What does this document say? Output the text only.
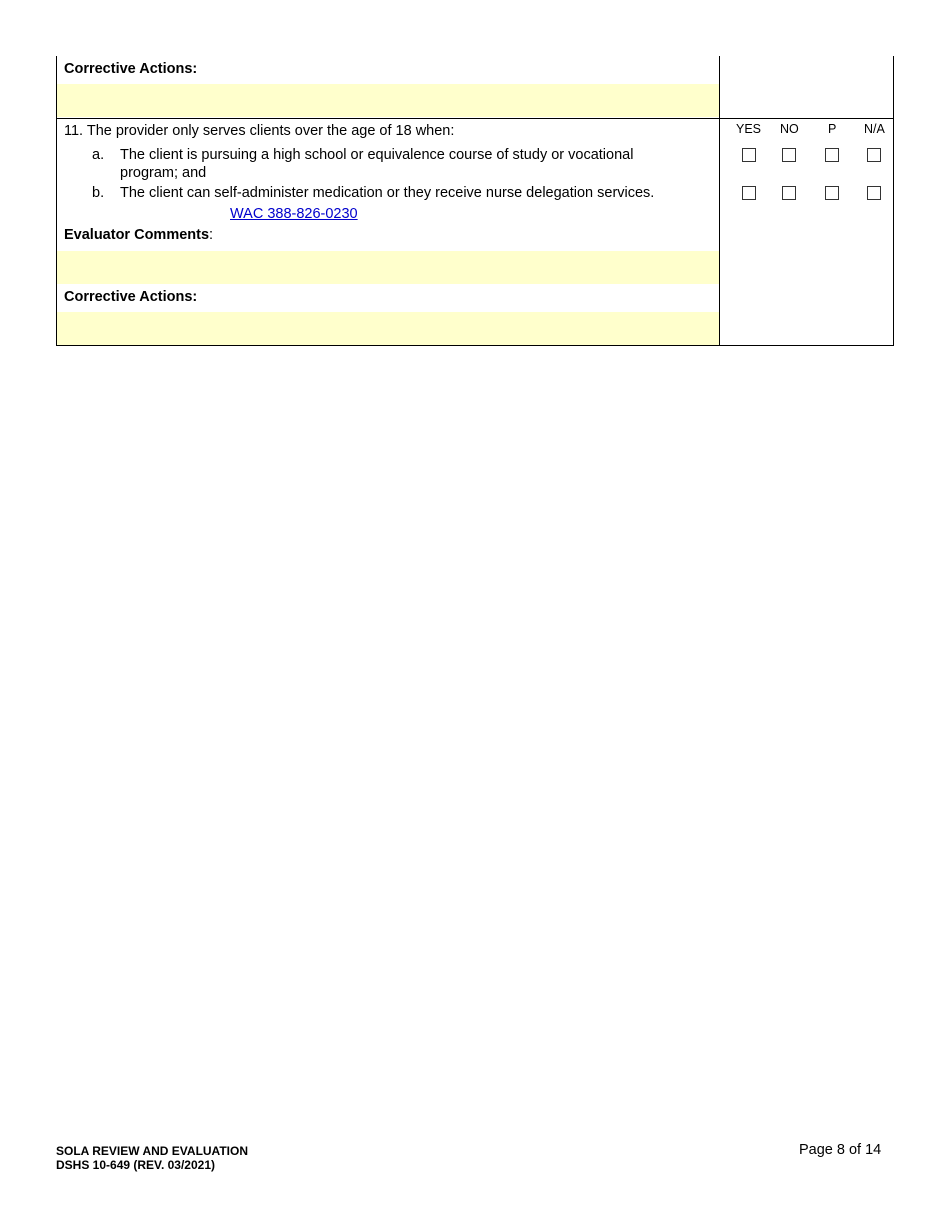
Corrective Actions:
11. The provider only serves clients over the age of 18 when:
a. The client is pursuing a high school or equivalence course of study or vocational
program; and
b. The client can self-administer medication or they receive nurse delegation services.
WAC 388-826-0230
Evaluator Comments:
Corrective Actions:
YES NO P N/A
SOLA REVIEW AND EVALUATION
DSHS 10-649 (REV. 03/2021)
Page 8 of 14
